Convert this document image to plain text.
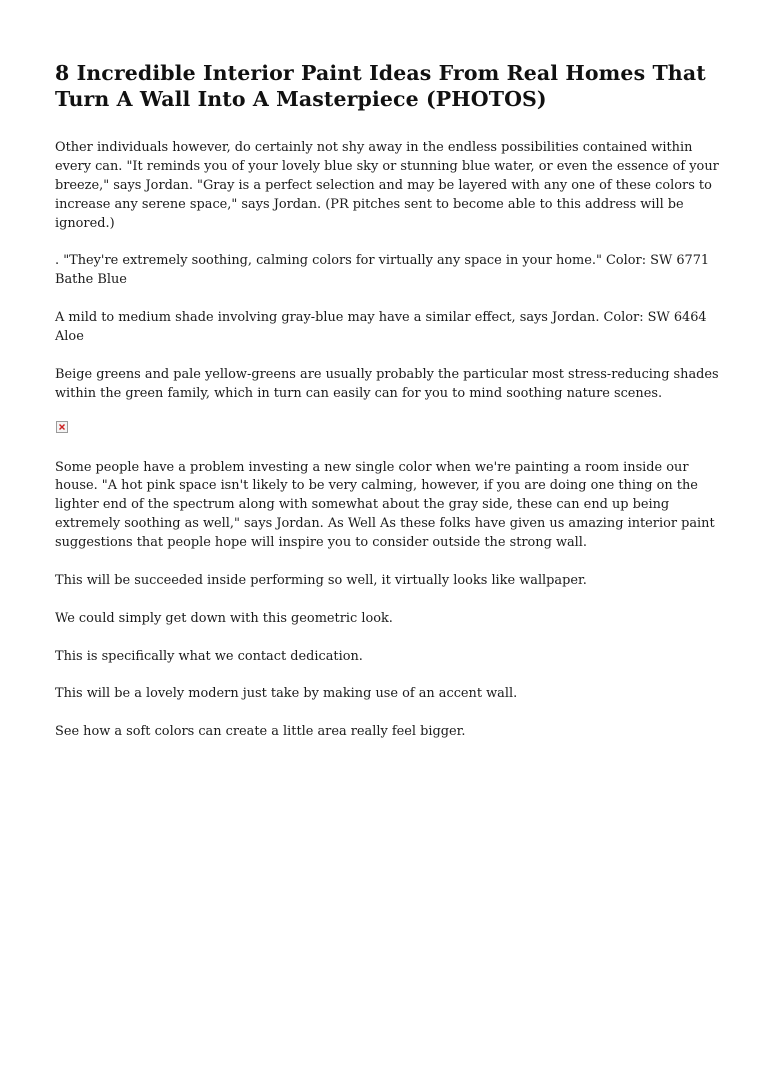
8 Incredible Interior Paint Ideas From Real Homes That Turn A Wall Into A Masterpiece (PHOTOS)

Other individuals however, do certainly not shy away in the endless possibilities contained within every can. "It reminds you of your lovely blue sky or stunning blue water, or even the essence of your breeze," says Jordan. "Gray is a perfect selection and may be layered with any one of these colors to increase any serene space," says Jordan. (PR pitches sent to become able to this address will be ignored.)

. "They're extremely soothing, calming colors for virtually any space in your home." Color: SW 6771 Bathe Blue

A mild to medium shade involving gray-blue may have a similar effect, says Jordan. Color: SW 6464 Aloe

Beige greens and pale yellow-greens are usually probably the particular most stress-reducing shades within the green family, which in turn can easily can for you to mind soothing nature scenes.

Some people have a problem investing a new single color when we're painting a room inside our house. "A hot pink space isn't likely to be very calming, however, if you are doing one thing on the lighter end of the spectrum along with somewhat about the gray side, these can end up being extremely soothing as well," says Jordan. As Well As these folks have given us amazing interior paint suggestions that people hope will inspire you to consider outside the strong wall.

This will be succeeded inside performing so well, it virtually looks like wallpaper.

We could simply get down with this geometric look.

This is specifically what we contact dedication.

This will be a lovely modern just take by making use of an accent wall.

See how a soft colors can create a little area really feel bigger.
